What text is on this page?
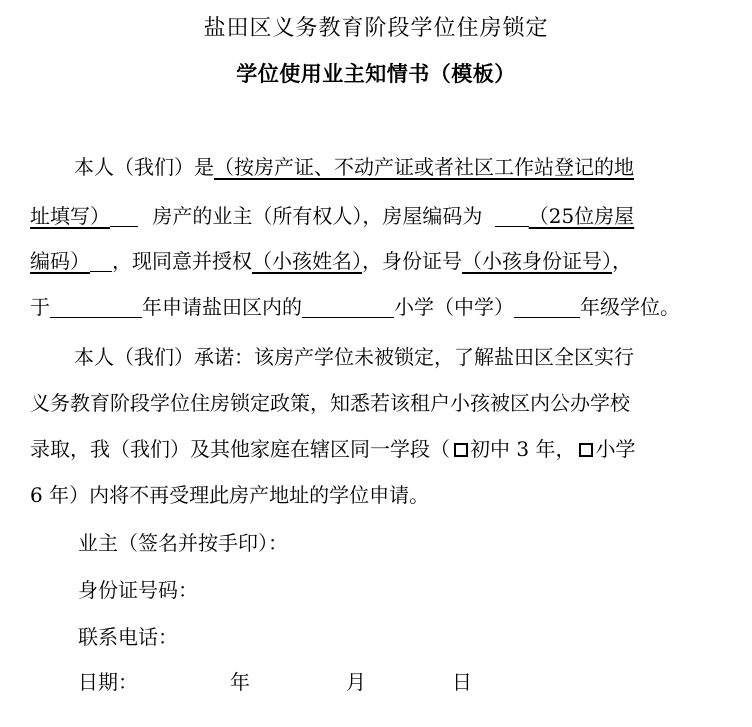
盐田区义务教育阶段学位住房锁定
学位使用业主知情书（模板）
本人（我们）是（按房产证、不动产证或者社区工作站登记的地
址填写） 房产的业主（所有权人），房屋编码为 （25位房屋
编码） ，现同意并授权（小孩姓名），身份证号（小孩身份证号），
于	年申请盐田区内的	小学（中学）	年级学位。
本人（我们）承诺：该房产学位未被锁定，了解盐田区全区实行
义务教育阶段学位住房锁定政策，知悉若该租户小孩被区内公办学校
录取，我（我们）及其他家庭在辖区同一学段（ 初中 3 年， 小学
6 年）内将不再受理此房产地址的学位申请。
业主（签名并按手印）：
身份证号码：
联系电话：
日期：	年	月	日
